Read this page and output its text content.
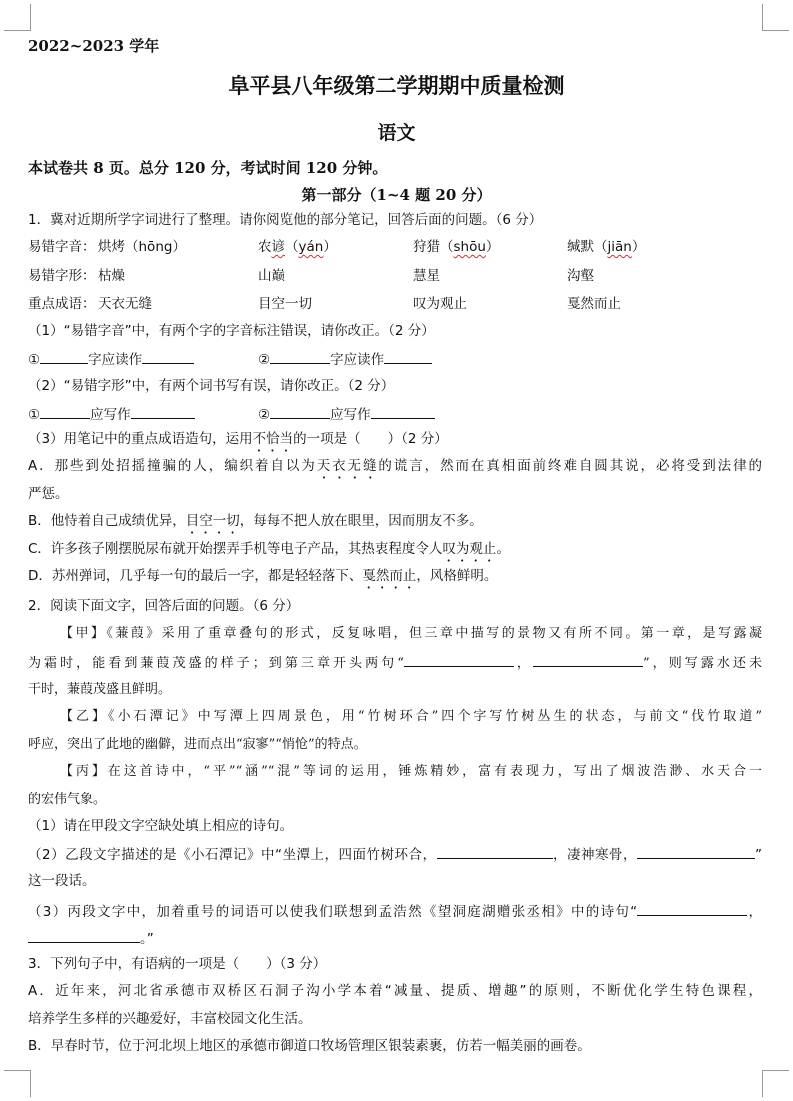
2022~2023 学年
阜平县八年级第二学期期中质量检测
语文
本试卷共 8 页。总分 120 分，考试时间 120 分钟。
第一部分（1~4 题 20 分）
1．冀对近期所学字词进行了整理。请你阅览他的部分笔记，回答后面的问题。（6 分）
易错字音： 烘烤（hōng）	农谚（yán）	狩猎（shōu）	缄默（jiān）
易错字形： 枯燥	山巅	慧星	沟壑
重点成语： 天衣无缝	目空一切	叹为观止	戛然而止
（1）“易错字音”中，有两个字的字音标注错误，请你改正。（2 分）
①	字应读作	②	字应读作
（2）“易错字形”中，有两个词书写有误，请你改正。（2 分）
①	应写作	②	应写作
（3）用笔记中的重点成语造句，运用不恰当的一项是（　　）（2 分）
A．那些到处招摇撞骗的人，编织着自以为天衣无缝的谎言，然而在真相面前终难自圆其说，必将受到法律的
严惩。
B．他恃着自己成绩优异，目空一切，每每不把人放在眼里，因而朋友不多。
C．许多孩子刚摆脱尿布就开始摆弄手机等电子产品，其热衷程度令人叹为观止。
D．苏州弹词，几乎每一句的最后一字，都是轻轻落下、戛然而止，风格鲜明。
2．阅读下面文字，回答后面的问题。（6 分）
【甲】《蒹葭》采用了重章叠句的形式，反复咏唱，但三章中描写的景物又有所不同。第一章，是写露凝
为霜时，能看到蒹葭茂盛的样子；到第三章开头两句“	，	”，则写露水还未
干时，蒹葭茂盛且鲜明。
【乙】《小石潭记》中写潭上四周景色，用“竹树环合”四个字写竹树丛生的状态，与前文“伐竹取道”
呼应，突出了此地的幽僻，进而点出“寂寥”“悄怆”的特点。
【丙】在这首诗中，“平”“涵”“混”等词的运用，锤炼精妙，富有表现力，写出了烟波浩渺、水天合一
的宏伟气象。
（1）请在甲段文字空缺处填上相应的诗句。
（2）乙段文字描述的是《小石潭记》中“坐潭上，四面竹树环合，	，凄神寒骨，	”
这一段话。
（3）丙段文字中，加着重号的词语可以使我们联想到孟浩然《望洞庭湖赠张丞相》中的诗句“	，
。”
3．下列句子中，有语病的一项是（　　）（3 分）
A．近年来，河北省承德市双桥区石洞子沟小学本着“减量、提质、增趣”的原则，不断优化学生特色课程，
培养学生多样的兴趣爱好，丰富校园文化生活。
B．早春时节，位于河北坝上地区的承德市御道口牧场管理区银装素裹，仿若一幅美丽的画卷。
